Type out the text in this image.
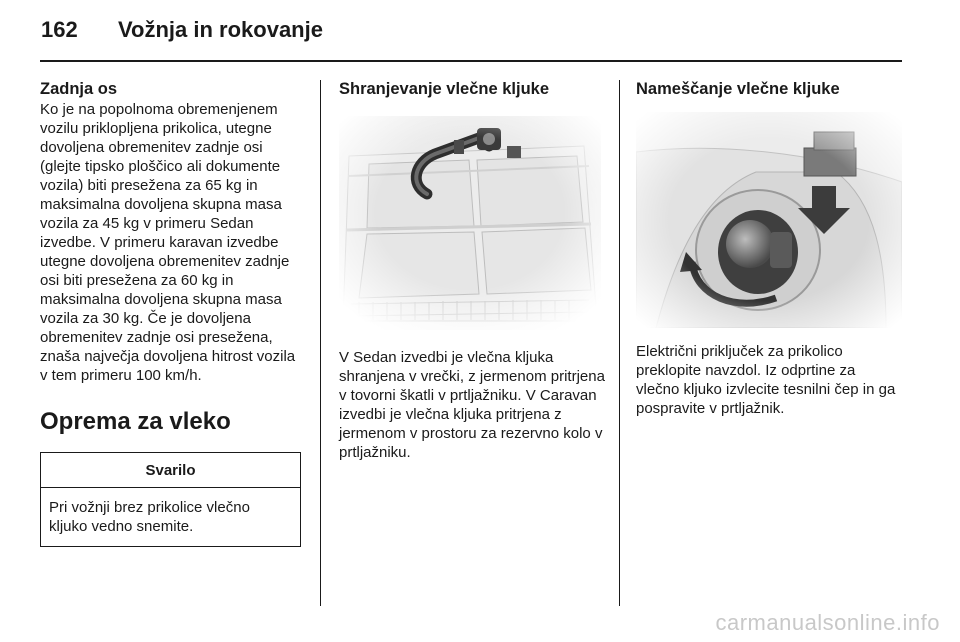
162 Vožnja in rokovanje
Zadnja os

Ko je na popolnoma obremenjenem vozilu priklopljena prikolica, utegne dovoljena obremenitev zadnje osi (glejte tipsko ploščico ali dokumente vozila) biti presežena za 65 kg in maksimalna dovoljena skupna masa vozila za 45 kg v primeru Sedan izvedbe. V primeru karavan izvedbe utegne dovoljena obremenitev zadnje osi biti presežena za 60 kg in maksimalna dovoljena skupna masa vozila za 30 kg. Če je dovoljena obremenitev zadnje osi presežena, znaša največja dovoljena hitrost vozila v tem primeru 100 km/h.

Oprema za vleko
Svarilo
Pri vožnji brez prikolice vlečno kljuko vedno snemite.
Shranjevanje vlečne kljuke

V Sedan izvedbi je vlečna kljuka shranjena v vrečki, z jermenom pritrjena v tovorni škatli v prtljažniku. V Caravan izvedbi je vlečna kljuka pritrjena z jermenom v prostoru za rezervno kolo v prtljažniku.

Nameščanje vlečne kljuke

Električni priključek za prikolico preklopite navzdol. Iz odprtine za vlečno kljuko izvlecite tesnilni čep in ga pospravite v prtljažnik.

carmanualsonline.info
